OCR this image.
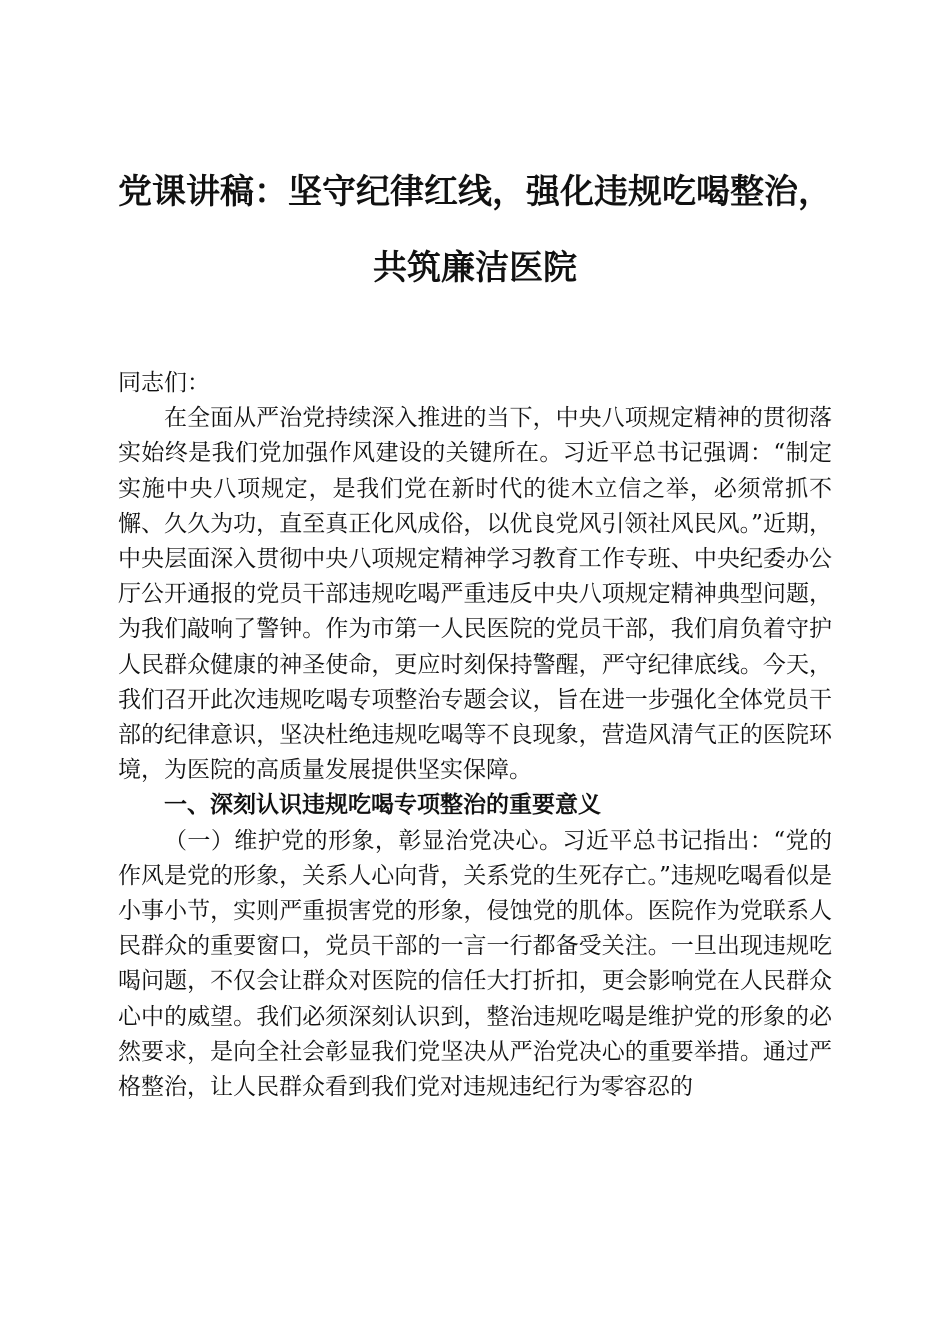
党课讲稿：坚守纪律红线，强化违规吃喝整治，
共筑廉洁医院

同志们：

在全面从严治党持续深入推进的当下，中央八项规定精神的贯彻落实始终是我们党加强作风建设的关键所在。习近平总书记强调：“制定实施中央八项规定，是我们党在新时代的徙木立信之举，必须常抓不懈、久久为功，直至真正化风成俗，以优良党风引领社风民风。”近期，中央层面深入贯彻中央八项规定精神学习教育工作专班、中央纪委办公厅公开通报的党员干部违规吃喝严重违反中央八项规定精神典型问题，为我们敲响了警钟。作为市第一人民医院的党员干部，我们肩负着守护人民群众健康的神圣使命，更应时刻保持警醒，严守纪律底线。今天，我们召开此次违规吃喝专项整治专题会议，旨在进一步强化全体党员干部的纪律意识，坚决杜绝违规吃喝等不良现象，营造风清气正的医院环境，为医院的高质量发展提供坚实保障。

一、深刻认识违规吃喝专项整治的重要意义

（一）维护党的形象，彰显治党决心。习近平总书记指出：“党的作风是党的形象，关系人心向背，关系党的生死存亡。”违规吃喝看似是小事小节，实则严重损害党的形象，侵蚀党的肌体。医院作为党联系人民群众的重要窗口，党员干部的一言一行都备受关注。一旦出现违规吃喝问题，不仅会让群众对医院的信任大打折扣，更会影响党在人民群众心中的威望。我们必须深刻认识到，整治违规吃喝是维护党的形象的必然要求，是向全社会彰显我们党坚决从严治党决心的重要举措。通过严格整治，让人民群众看到我们党对违规违纪行为零容忍的
